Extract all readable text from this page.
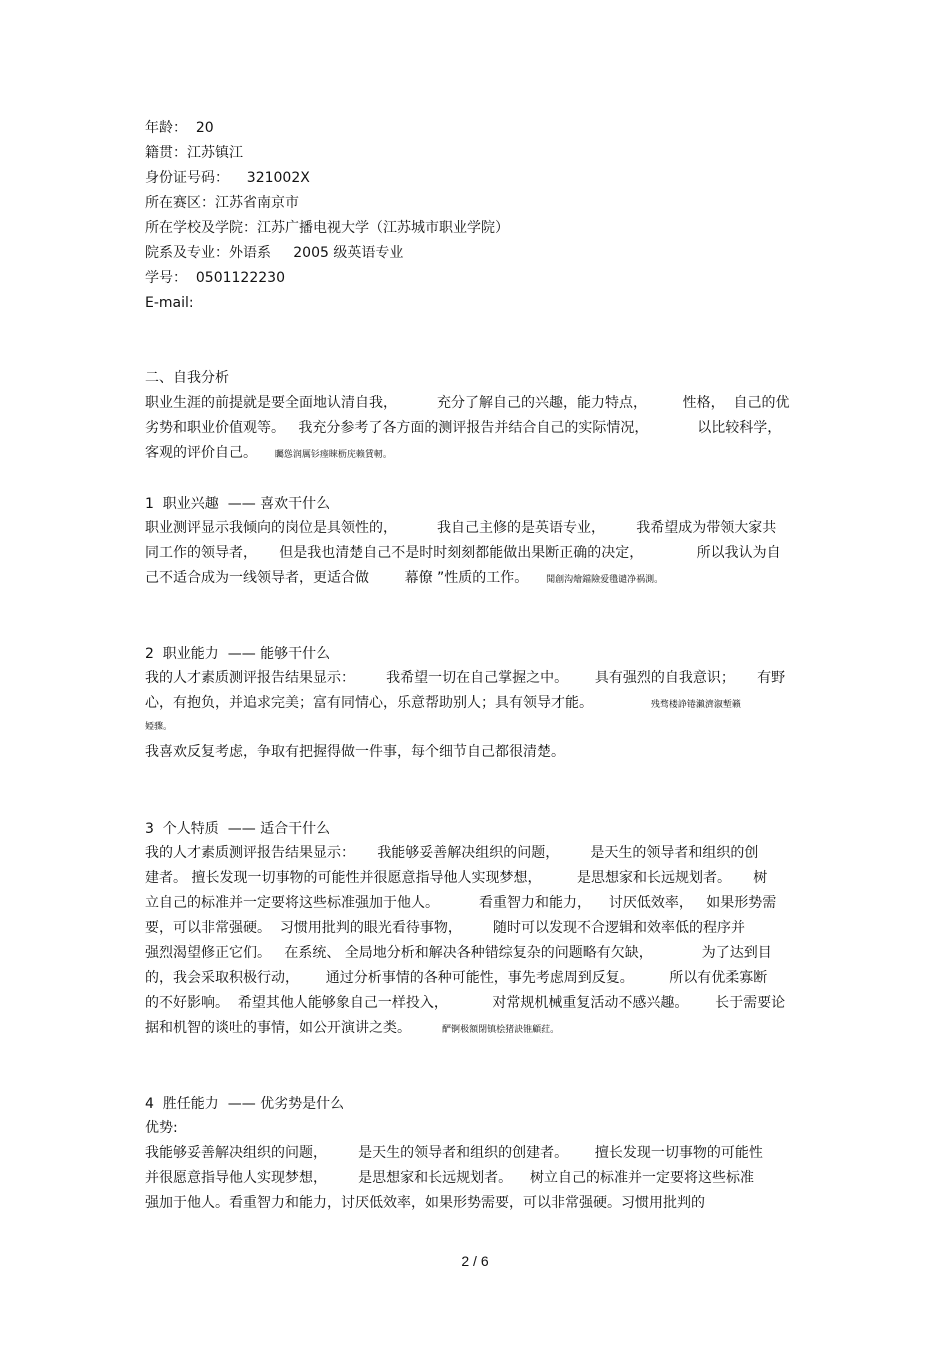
年龄：  20

籍贯：江苏镇江

身份证号码：    321002X

所在赛区：江苏省南京市

所在学校及学院：江苏广播电视大学（江苏城市职业学院）

院系及专业：外语系     2005 级英语专业

学号：  0501122230

E-mail:

二、自我分析

职业生涯的前提就是要全面地认清自我，         充分了解自己的兴趣，能力特点，        性格，  自己的优

劣势和职业价值观等。   我充分参考了各方面的测评报告并结合自己的实际情况，           以比较科学，

客观的评价自己。 矚慫润厲钐瘗睞枥庑赖賃軔。

1  职业兴趣  —— 喜欢干什么

职业测评显示我倾向的岗位是具领性的，         我自己主修的是英语专业，       我希望成为带领大家共

同工作的领导者，     但是我也清楚自己不是时时刻刻都能做出果断正确的决定，            所以我认为自

己不适合成为一线领导者，更适合做        幕僚 ”性质的工作。 聞創沟燴鐺險爱氇谴净祸測。

2  职业能力  —— 能够干什么

我的人才素质测评报告结果显示：       我希望一切在自己掌握之中。      具有强烈的自我意识；     有野

心，有抱负，并追求完美；富有同情心，乐意帮助别人；具有领导才能。	残骛楼諍锩瀨濟溆塹籟

婭骤。

我喜欢反复考虑，争取有把握得做一件事，每个细节自己都很清楚。

3  个人特质  —— 适合干什么

我的人才素质测评报告结果显示：     我能够妥善解决组织的问题，       是天生的领导者和组织的创

建者。 擅长发现一切事物的可能性并很愿意指导他人实现梦想，        是思想家和长远规划者。     树

立自己的标准并一定要将这些标准强加于他人。         看重智力和能力，    讨厌低效率，   如果形势需

要，可以非常强硬。  习惯用批判的眼光看待事物，       随时可以发现不合逻辑和效率低的程序并

强烈渴望修正它们。   在系统、 全局地分析和解决各种错综复杂的问题略有欠缺，           为了达到目

的，我会采取积极行动，      通过分析事情的各种可能性，事先考虑周到反复。        所以有优柔寡断

的不好影响。  希望其他人能够象自己一样投入，          对常规机械重复活动不感兴趣。      长于需要论

据和机智的谈吐的事情，如公开演讲之类。	酽锕极額閉镇桧猪訣锥顧荭。

4  胜任能力  —— 优劣势是什么

优势:

我能够妥善解决组织的问题，       是天生的领导者和组织的创建者。      擅长发现一切事物的可能性

并很愿意指导他人实现梦想，       是思想家和长远规划者。    树立自己的标准并一定要将这些标准

强加于他人。看重智力和能力，讨厌低效率，如果形势需要，可以非常强硬。习惯用批判的

2 / 6
